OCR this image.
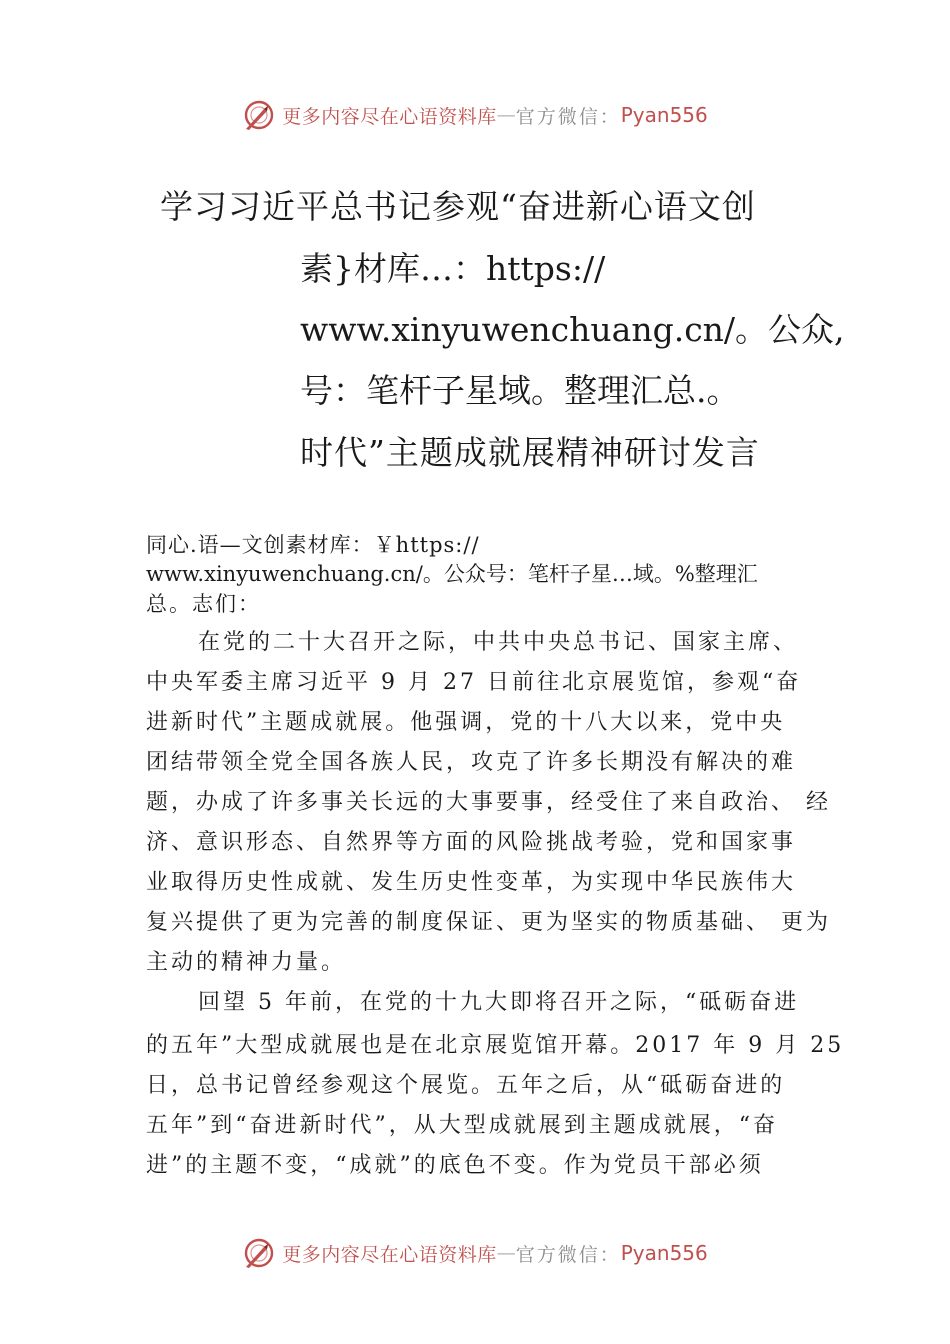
更多内容尽在心语资料库 — 官方微信： Pyan556
学习习近平总书记参观“奋进新心语文创
素}材库…：https://
www.xinyuwenchuang.cn/。公众,
号：笔杆子星域。整理汇总.。
时代”主题成就展精神研讨发言
同心.语—文创素材库：￥https://
www.xinyuwenchuang.cn/。公众号：笔杆子星…域。%整理汇
总。志们：
在党的二十大召开之际，中共中央总书记、国家主席、
中央军委主席习近平 9 月 27 日前往北京展览馆，参观“奋
进新时代”主题成就展。他强调，党的十八大以来，党中央
团结带领全党全国各族人民，攻克了许多长期没有解决的难
题，办成了许多事关长远的大事要事，经受住了来自政治、 经
济、意识形态、自然界等方面的风险挑战考验，党和国家事
业取得历史性成就、发生历史性变革，为实现中华民族伟大
复兴提供了更为完善的制度保证、更为坚实的物质基础、 更为
主动的精神力量。
回望 5 年前，在党的十九大即将召开之际，“砥砺奋进
的五年”大型成就展也是在北京展览馆开幕。2017 年 9 月 25
日，总书记曾经参观这个展览。五年之后，从“砥砺奋进的
五年”到“奋进新时代”，从大型成就展到主题成就展，“奋
进”的主题不变，“成就”的底色不变。作为党员干部必须
更多内容尽在心语资料库 — 官方微信： Pyan556
